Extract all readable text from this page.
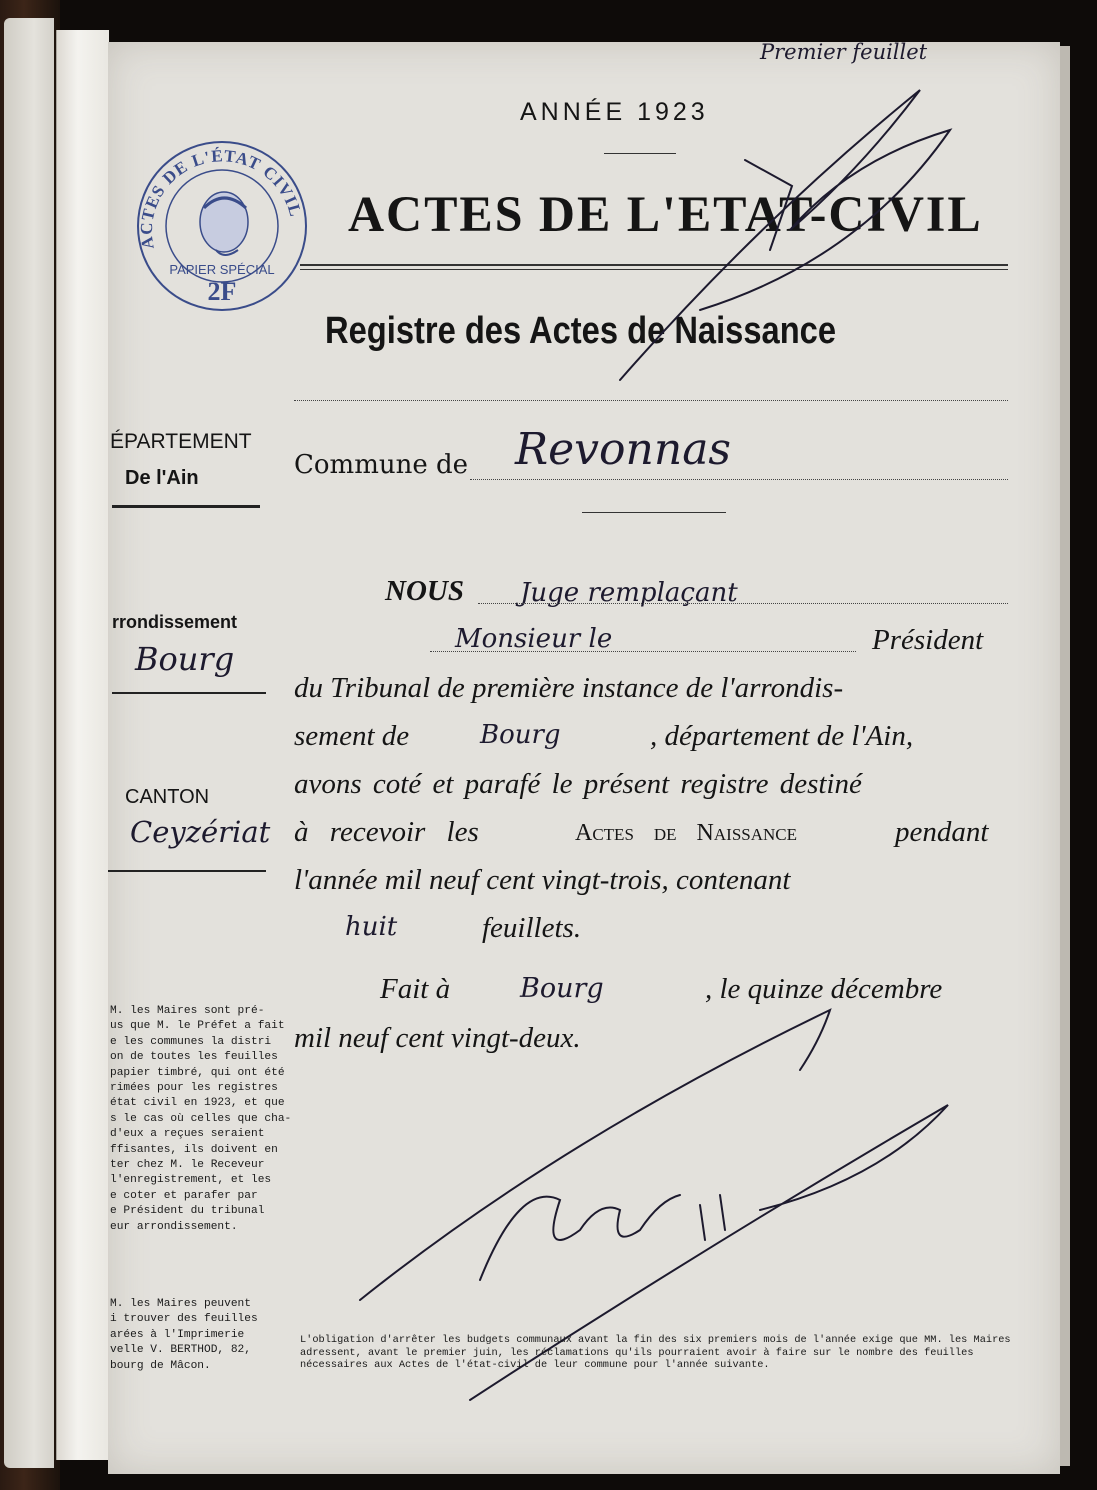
Premier feuillet
ANNÉE 1923
ACTES DE L'ETAT-CIVIL
Registre des Actes de Naissance
ACTES DE L'ÉTAT CIVIL
PAPIER SPÉCIAL
2F
ÉPARTEMENT
De l'Ain
rrondissement
Bourg
CANTON
Ceyzériat
M. les Maires sont pré-
us que M. le Préfet a fait
e les communes la distri
on de toutes les feuilles
papier timbré, qui ont été
rimées pour les registres
état civil en 1923, et que
s le cas où celles que cha-
d'eux a reçues seraient
ffisantes, ils doivent en
ter chez M. le Receveur
l'enregistrement, et les
e coter et parafer par
e Président du tribunal
eur arrondissement.
M. les Maires peuvent
i trouver des feuilles
arées à l'Imprimerie
velle V. BERTHOD, 82,
bourg de Mâcon.
Commune de Revonnas
NOUS Juge remplaçant
Monsieur le	Président
du Tribunal de première instance de l'arrondis-
sement de	Bourg	, département de l'Ain,
avons coté et parafé le présent registre destiné
à recevoir les	Actes de Naissance	pendant
l'année mil neuf cent vingt-trois, contenant
huit	feuillets.
Fait à	Bourg	, le quinze décembre
mil neuf cent vingt-deux.
L'obligation d'arrêter les budgets communaux avant la fin des six premiers mois de l'année exige que MM. les Maires adressent, avant le premier juin, les réclamations qu'ils pourraient avoir à faire sur le nombre des feuilles nécessaires aux Actes de l'état-civil de leur commune pour l'année suivante.
